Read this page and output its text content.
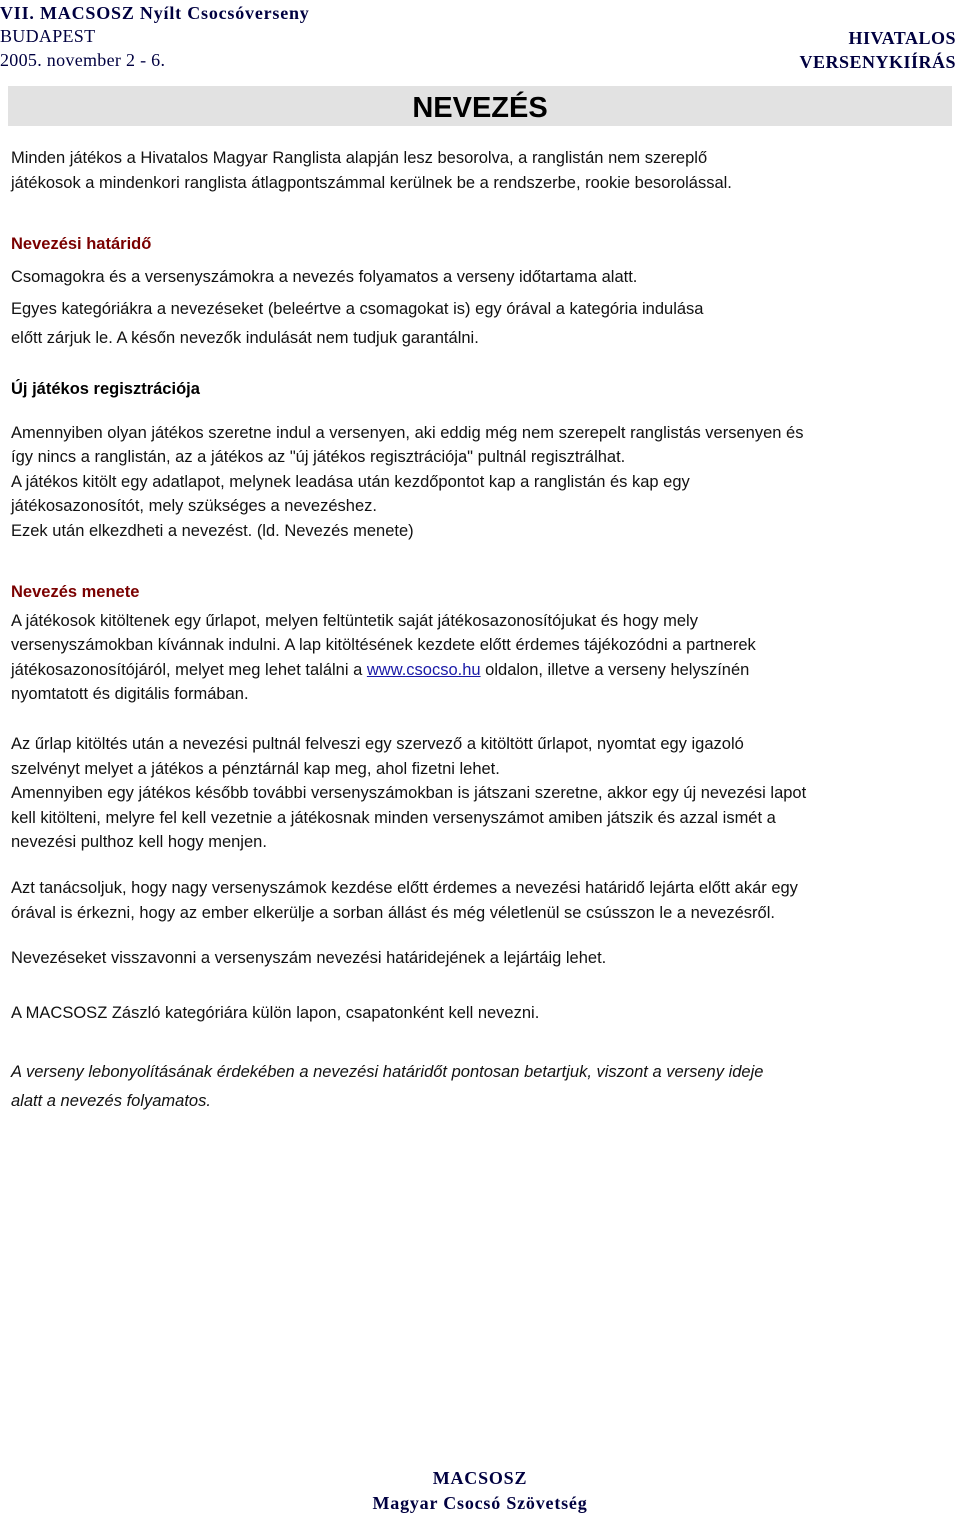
VII. MACSOSZ Nyílt Csocsóverseny
BUDAPEST
2005. november 2 - 6.
HIVATALOS
VERSENYKIÍRÁS
NEVEZÉS
Minden játékos a Hivatalos Magyar Ranglista alapján lesz besorolva, a ranglistán nem szereplő
játékosok a mindenkori ranglista átlagpontszámmal kerülnek be a rendszerbe, rookie besorolással.
Nevezési határidő
Csomagokra és a versenyszámokra a nevezés folyamatos a verseny időtartama alatt.
Egyes kategóriákra a nevezéseket (beleértve a csomagokat is) egy órával a kategória indulása
előtt zárjuk le. A későn nevezők indulását nem tudjuk garantálni.
Új játékos regisztrációja
Amennyiben olyan játékos szeretne indul a versenyen, aki eddig még nem szerepelt ranglistás versenyen és
így nincs a ranglistán, az a játékos az "új játékos regisztrációja" pultnál regisztrálhat.
A játékos kitölt egy adatlapot, melynek leadása után kezdőpontot kap a ranglistán és kap egy
játékosazonosítót, mely szükséges a nevezéshez.
Ezek után elkezdheti a nevezést. (ld. Nevezés menete)
Nevezés menete
A játékosok kitöltenek egy űrlapot, melyen feltüntetik saját játékosazonosítójukat és hogy mely
versenyszámokban kívánnak indulni. A lap kitöltésének kezdete előtt érdemes tájékozódni a partnerek
játékosazonosítójáról, melyet meg lehet találni a www.csocso.hu oldalon, illetve a verseny helyszínén
nyomtatott és digitális formában.
Az űrlap kitöltés után a nevezési pultnál felveszi egy szervező a kitöltött űrlapot, nyomtat egy igazoló
szelvényt melyet a játékos a pénztárnál kap meg, ahol fizetni lehet.
Amennyiben egy játékos később további versenyszámokban is játszani szeretne, akkor egy új nevezési lapot
kell kitölteni, melyre fel kell vezetnie a játékosnak minden versenyszámot amiben játszik és azzal ismét a
nevezési pulthoz kell hogy menjen.
Azt tanácsoljuk, hogy nagy versenyszámok kezdése előtt érdemes a nevezési határidő lejárta előtt akár egy
órával is érkezni, hogy az ember elkerülje a sorban állást és még véletlenül se csússzon le a nevezésről.
Nevezéseket visszavonni a versenyszám nevezési határidejének a lejártáig lehet.
A MACSOSZ Zászló kategóriára külön lapon, csapatonként kell nevezni.
A verseny lebonyolításának érdekében a nevezési határidőt pontosan betartjuk, viszont a verseny ideje
alatt a nevezés folyamatos.
MACSOSZ
Magyar Csocsó Szövetség
